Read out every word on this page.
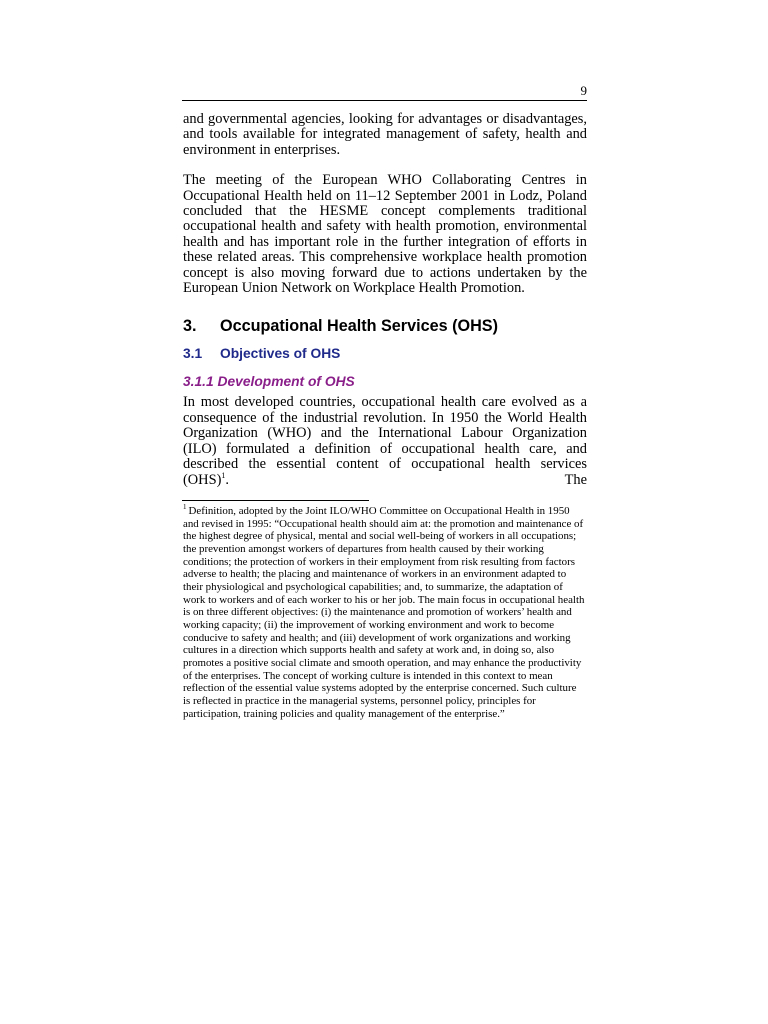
9

and governmental agencies, looking for advantages or disadvantages, and tools available for integrated management of safety, health and environment in enterprises.

The meeting of the European WHO Collaborating Centres in Occupational Health held on 11–12 September 2001 in Lodz, Poland concluded that the HESME concept complements traditional occupational health and safety with health promotion, environmental health and has important role in the further integration of efforts in these related areas. This comprehensive workplace health promotion concept is also moving forward due to actions undertaken by the European Union Network on Workplace Health Promotion.

3.	Occupational Health Services (OHS)
3.1	Objectives of OHS
3.1.1 Development of OHS

In most developed countries, occupational health care evolved as a consequence of the industrial revolution. In 1950 the World Health Organization (WHO) and the International Labour Organization (ILO) formulated a definition of occupational health care, and described the essential content of occupational health services (OHS)$^1$. The

$^1$ Definition, adopted by the Joint ILO/WHO Committee on Occupational Health in 1950 and revised in 1995: “Occupational health should aim at: the promotion and maintenance of the highest degree of physical, mental and social well-being of workers in all occupations; the prevention amongst workers of departures from health caused by their working conditions; the protection of workers in their employment from risk resulting from factors adverse to health; the placing and maintenance of workers in an environment adapted to their physiological and psychological capabilities; and, to summarize, the adaptation of work to workers and of each worker to his or her job. The main focus in occupational health is on three different objectives: (i) the maintenance and promotion of workers’ health and working capacity; (ii) the improvement of working environment and work to become conducive to safety and health; and (iii) development of work organizations and working cultures in a direction which supports health and safety at work and, in doing so, also promotes a positive social climate and smooth operation, and may enhance the productivity of the enterprises. The concept of working culture is intended in this context to mean reflection of the essential value systems adopted by the enterprise concerned. Such culture is reflected in practice in the managerial systems, personnel policy, principles for participation, training policies and quality management of the enterprise.”
